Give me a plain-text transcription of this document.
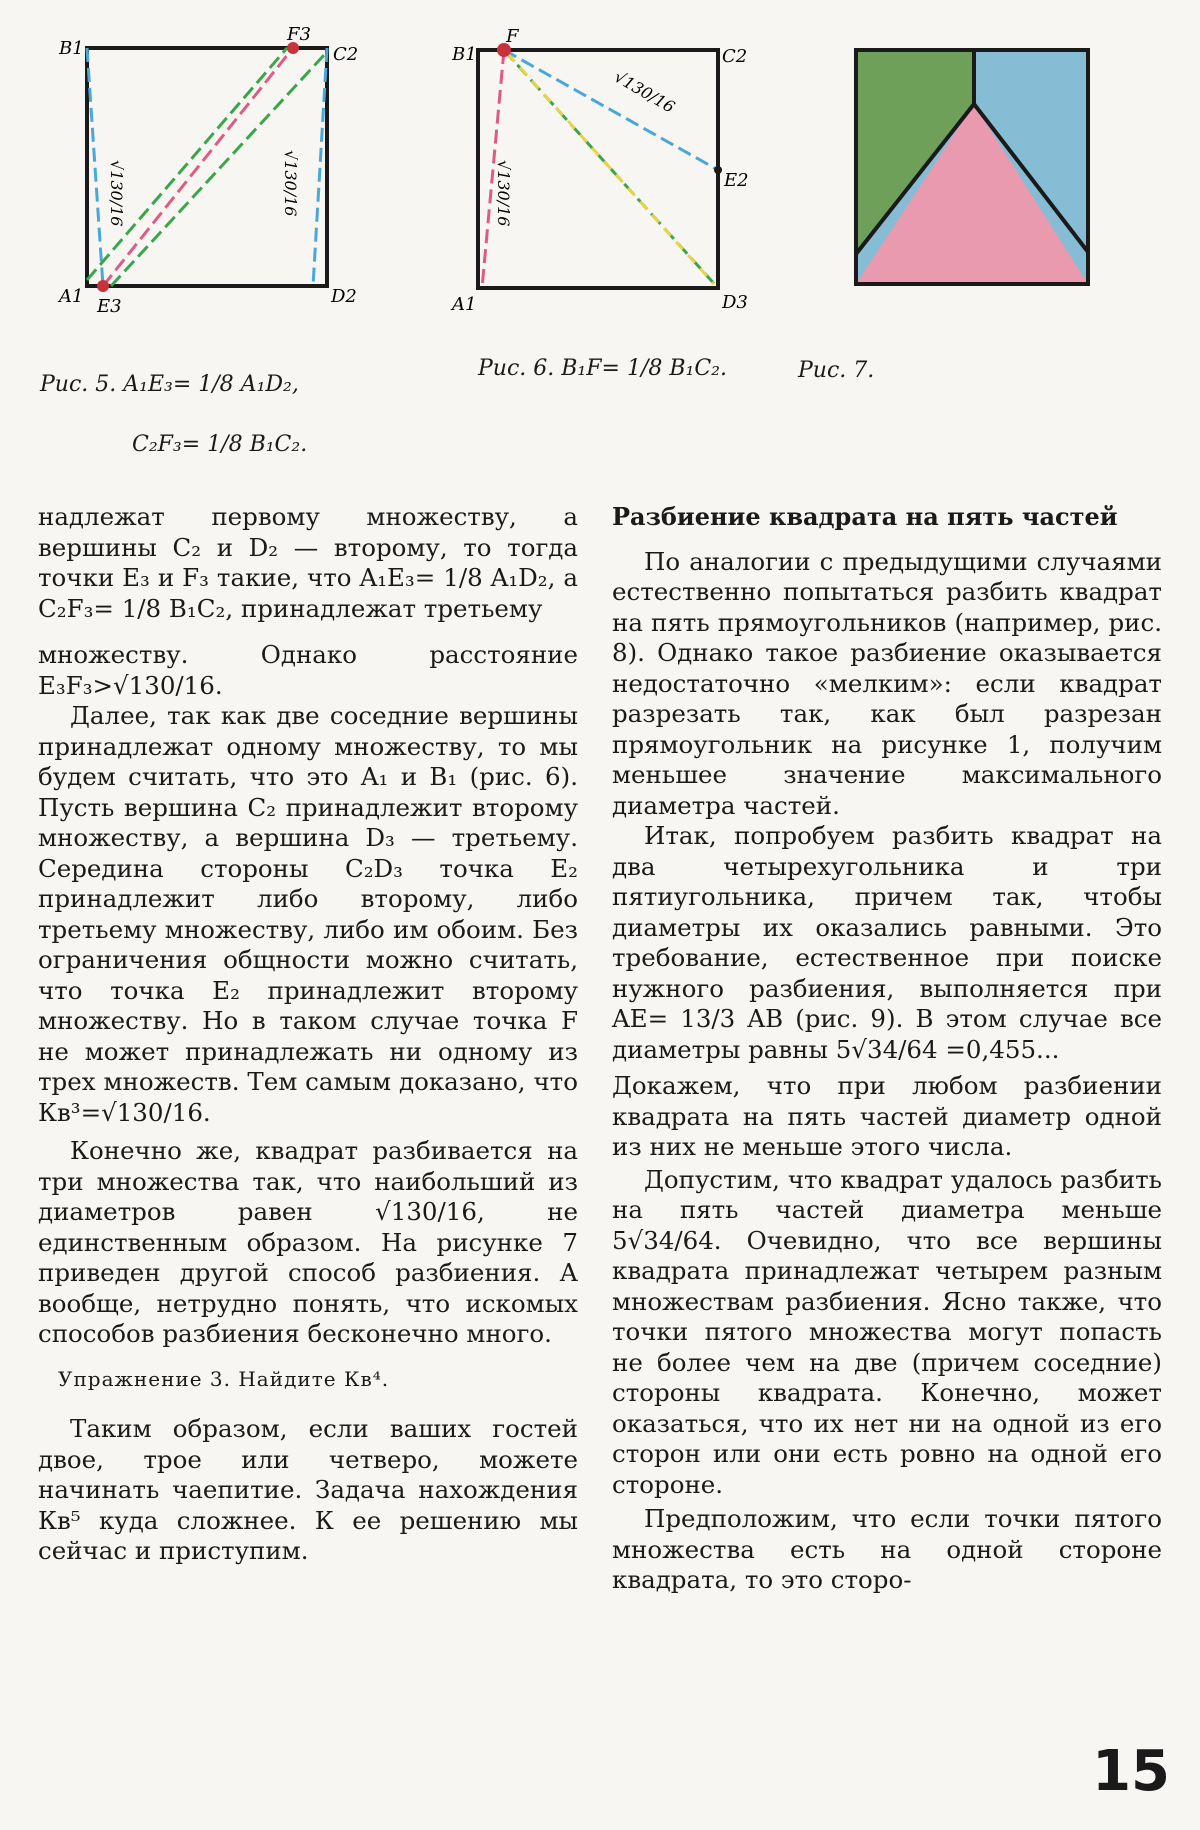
B1
F3
C2
A1 E3	D2
√130/16	√130/16
Рис. 5. A₁E₃= 1/8 A₁D₂,
C₂F₃= 1/8 B₁C₂.
B1
F
C2
E2
A1	D3
√130/16
√130/16
Рис. 6. B₁F= 1/8 B₁C₂.	Рис. 7.

надлежат первому множеству, а вершины C₂ и D₂ — второму, то тогда точки E₃ и F₃ такие, что A₁E₃= 1/8 A₁D₂, а C₂F₃= 1/8 B₁C₂, принадлежат третьему

множеству. Однако расстояние E₃F₃>√130/16.

Далее, так как две соседние вершины принадлежат одному множеству, то мы будем считать, что это A₁ и B₁ (рис. 6). Пусть вершина C₂ принадлежит второму множеству, а вершина D₃ — третьему. Середина стороны C₂D₃ точка E₂ принадлежит либо второму, либо третьему множеству, либо им обоим. Без ограничения общности можно считать, что точка E₂ принадлежит второму множеству. Но в таком случае точка F не может принадлежать ни одному из трех множеств. Тем самым доказано, что Кв³=√130/16.

Конечно же, квадрат разбивается на три множества так, что наибольший из диаметров равен √130/16, не единственным образом. На рисунке 7 приведен другой способ разбиения. А вообще, нетрудно понять, что искомых способов разбиения бесконечно много.

Упражнение 3. Найдите Кв⁴.

Таким образом, если ваших гостей двое, трое или четверо, можете начинать чаепитие. Задача нахождения Кв⁵ куда сложнее. К ее решению мы сейчас и приступим.

Разбиение квадрата на пять частей

По аналогии с предыдущими случаями естественно попытаться разбить квадрат на пять прямоугольников (например, рис. 8). Однако такое разбиение оказывается недостаточно «мелким»: если квадрат разрезать так, как был разрезан прямоугольник на рисунке 1, получим меньшее значение максимального диаметра частей.

Итак, попробуем разбить квадрат на два четырехугольника и три пятиугольника, причем так, чтобы диаметры их оказались равными. Это требование, естественное при поиске нужного разбиения, выполняется при AE= 13/3 AB (рис. 9). В этом случае все диаметры равны 5√34/64 =0,455...

Докажем, что при любом разбиении квадрата на пять частей диаметр одной из них не меньше этого числа.

Допустим, что квадрат удалось разбить на пять частей диаметра меньше 5√34/64. Очевидно, что все вершины квадрата принадлежат четырем разным множествам разбиения. Ясно также, что точки пятого множества могут попасть не более чем на две (причем соседние) стороны квадрата. Конечно, может оказаться, что их нет ни на одной из его сторон или они есть ровно на одной его стороне.

Предположим, что если точки пятого множества есть на одной стороне квадрата, то это сторо-

15
